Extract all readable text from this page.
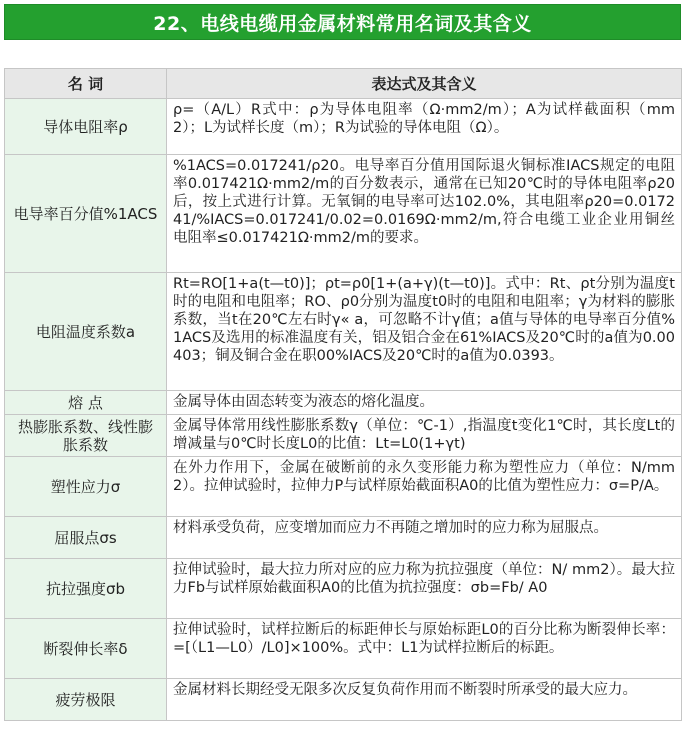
22、电线电缆用金属材料常用名词及其含义
名 词	表达式及其含义
导体电阻率ρ	ρ=（A/L）R式中：ρ为导体电阻率（Ω·mm2/m）；A为试样截面积（mm2）；L为试样长度（m）；R为试验的导体电阻（Ω）。
电导率百分值%1ACS	%1ACS=0.017241/ρ20。电导率百分值用国际退火铜标准IACS规定的电阻率0.017421Ω·mm2/m的百分数表示，通常在已知20℃时的导体电阻率ρ20后，按上式进行计算。无氧铜的电导率可达102.0%，其电阻率ρ20=0.017241/%IACS=0.017241/0.02=0.0169Ω·mm2/m,符合电缆工业企业用铜丝电阻率≤0.017421Ω·mm2/m的要求。
电阻温度系数a	Rt=RO[1+a(t—t0)]；ρt=ρ0[1+(a+γ)(t—t0)]。式中：Rt、ρt分别为温度t时的电阻和电阻率；RO、ρ0分别为温度t0时的电阻和电阻率；γ为材料的膨胀系数，当t在20℃左右时γ« a，可忽略不计γ值；a值与导体的电导率百分值%1ACS及选用的标准温度有关，铝及铝合金在61%IACS及20℃时的a值为0.00403；铜及铜合金在职00%IACS及20℃时的a值为0.0393。
熔 点	金属导体由固态转变为液态的熔化温度。
热膨胀系数、线性膨胀系数	金属导体常用线性膨胀系数γ（单位：℃-1）,指温度t变化1℃时，其长度Lt的增减量与0℃时长度L0的比值：Lt=L0(1+γt)
塑性应力σ	在外力作用下，金属在破断前的永久变形能力称为塑性应力（单位：N/mm2）。拉伸试验时，拉伸力P与试样原始截面积A0的比值为塑性应力：σ=P/A。
屈服点σs	材料承受负荷，应变增加而应力不再随之增加时的应力称为屈服点。
抗拉强度σb	拉伸试验时，最大拉力所对应的应力称为抗拉强度（单位：N/ mm2）。最大拉力Fb与试样原始截面积A0的比值为抗拉强度：σb=Fb/ A0
断裂伸长率δ	拉伸试验时，试样拉断后的标距伸长与原始标距L0的百分比称为断裂伸长率：=[（L1—L0）/L0]×100%。式中：L1为试样拉断后的标距。
疲劳极限	金属材料长期经受无限多次反复负荷作用而不断裂时所承受的最大应力。
